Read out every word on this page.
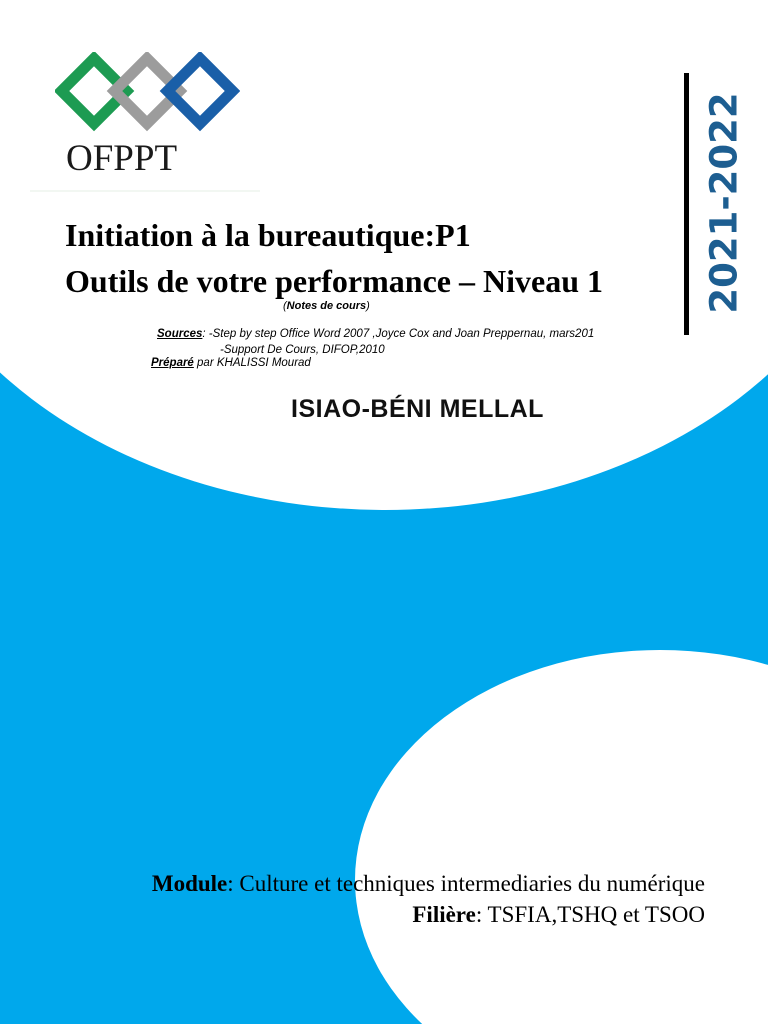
OFPPT
Initiation à la bureautique:P1
Outils de votre performance – Niveau 1
(Notes de cours)
Sources: -Step by step Office Word 2007 ,Joyce Cox and Joan Preppernau, mars201
-Support De Cours, DIFOP,2010
Préparé par KHALISSI Mourad
ISIAO-BÉNI MELLAL
2021-2022
Module: Culture et techniques intermediaries du numérique
Filière: TSFIA,TSHQ et TSOO
